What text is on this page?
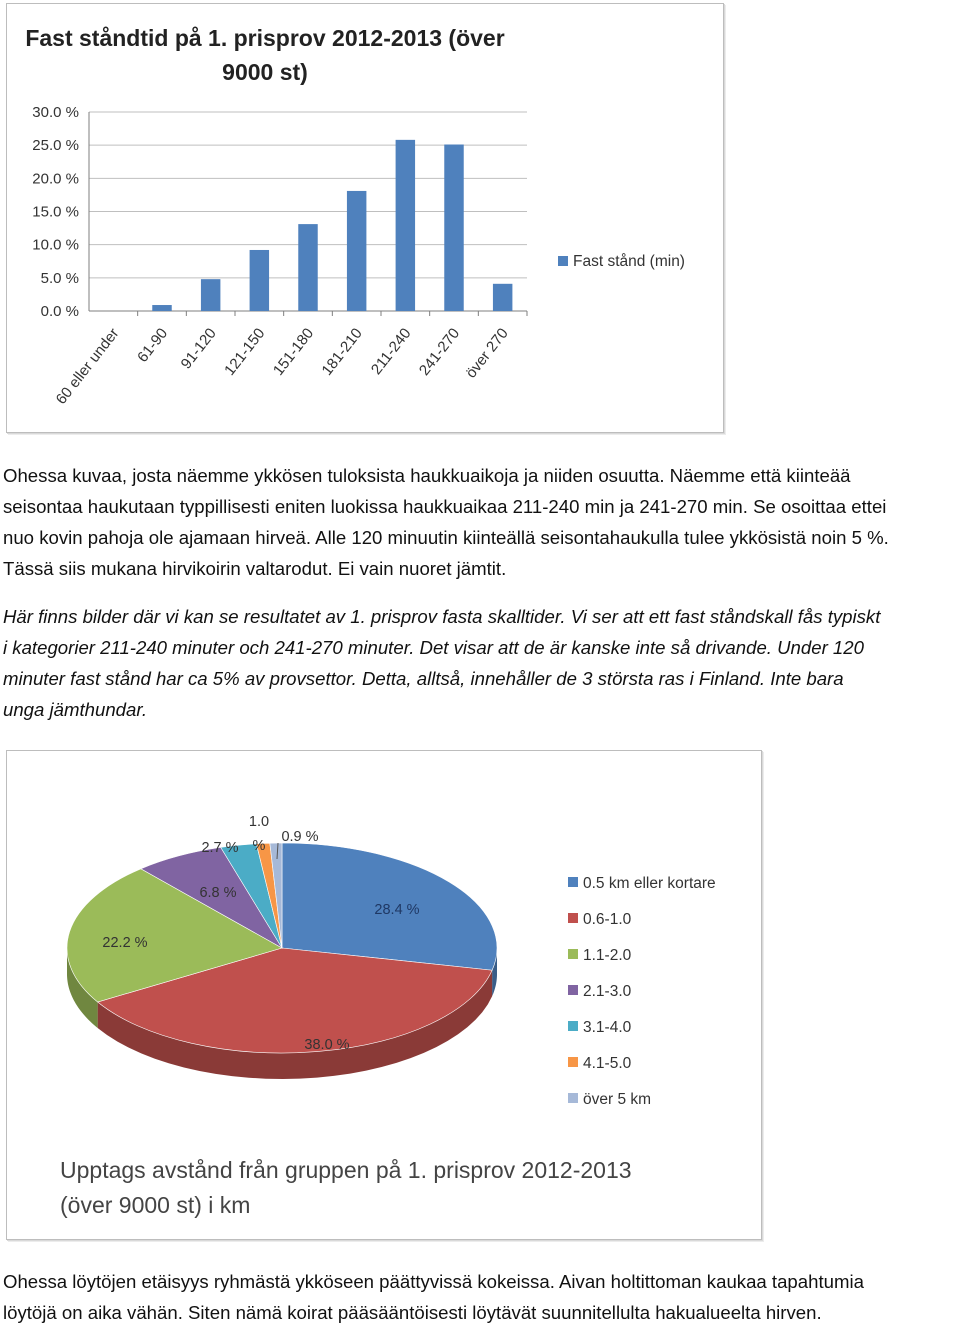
Fast ståndtid på 1. prisprov 2012-2013 (över
9000 st)
30.0 %
25.0 %
20.0 %
15.0 %
10.0 %
5.0 %
0.0 %
60 eller under 61-90 91-120 121-150 151-180 181-210 211-240 241-270 över 270
Fast stånd (min)

Ohessa kuvaa, josta näemme ykkösen tuloksista haukkuaikoja ja niiden osuutta. Näemme että kiinteää
seisontaa haukutaan typpillisesti eniten luokissa haukkuaikaa 211-240 min ja 241-270 min. Se osoittaa ettei
nuo kovin pahoja ole ajamaan hirveä. Alle 120 minuutin kiinteällä seisontahaukulla tulee ykkösistä noin 5 %.
Tässä siis mukana hirvikoirin valtarodut. Ei vain nuoret jämtit.

Här finns bilder där vi kan se resultatet av 1. prisprov fasta skalltider. Vi ser att ett fast ståndskall fås typiskt
i kategorier 211-240 minuter och 241-270 minuter. Det visar att de är kanske inte så drivande. Under 120
minuter fast stånd har ca 5% av provsettor. Detta, alltså, innehåller de 3 största ras i Finland. Inte bara
unga jämthundar.

28.4 %
38.0 %
22.2 %
6.8 %
2.7 %
1.0
%
0.9 %
0.5 km eller kortare
0.6-1.0
1.1-2.0
2.1-3.0
3.1-4.0
4.1-5.0
över 5 km
Upptags avstånd från gruppen på 1. prisprov 2012-2013
(över 9000 st) i km

Ohessa löytöjen etäisyys ryhmästä ykköseen päättyvissä kokeissa. Aivan holtittoman kaukaa tapahtumia
löytöjä on aika vähän. Siten nämä koirat pääsääntöisesti löytävät suunnitellulta hakualueelta hirven.
